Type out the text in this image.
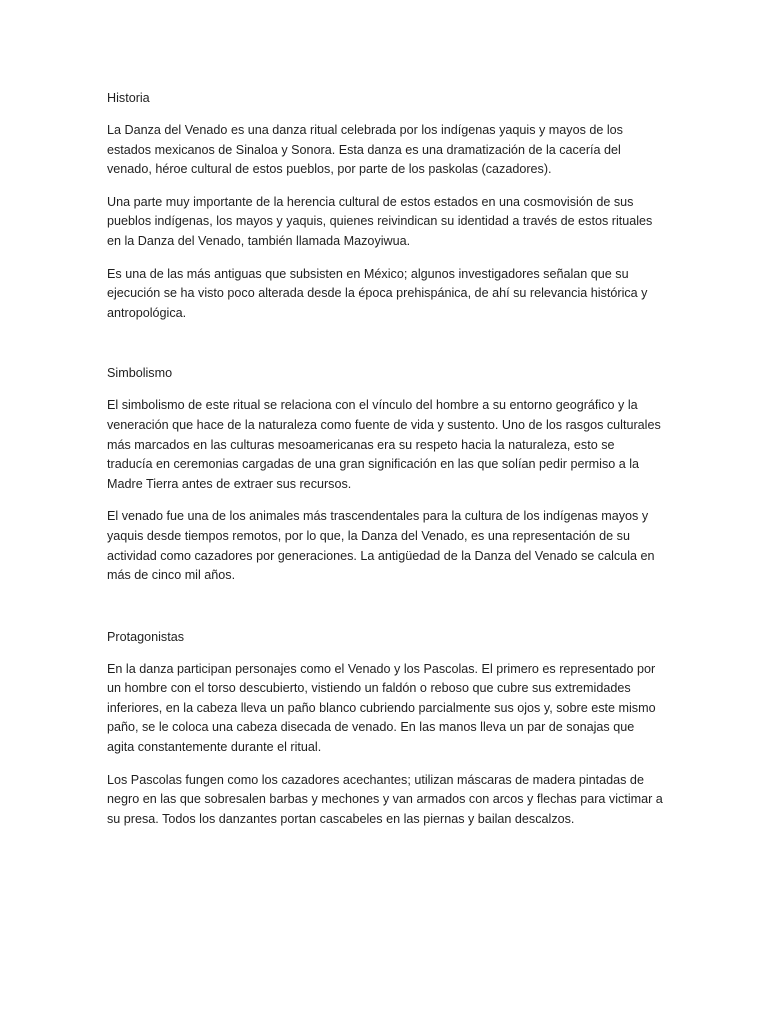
Historia

La Danza del Venado es una danza ritual celebrada por los indígenas yaquis y mayos de los estados mexicanos de Sinaloa y Sonora. Esta danza es una dramatización de la cacería del venado, héroe cultural de estos pueblos, por parte de los paskolas (cazadores).

Una parte muy importante de la herencia cultural de estos estados en una cosmovisión de sus pueblos indígenas, los mayos y yaquis, quienes reivindican su identidad a través de estos rituales en la Danza del Venado, también llamada Mazoyiwua.

Es una de las más antiguas que subsisten en México; algunos investigadores señalan que su ejecución se ha visto poco alterada desde la época prehispánica, de ahí su relevancia histórica y antropológica.

Simbolismo

El simbolismo de este ritual se relaciona con el vínculo del hombre a su entorno geográfico y la veneración que hace de la naturaleza como fuente de vida y sustento. Uno de los rasgos culturales más marcados en las culturas mesoamericanas era su respeto hacia la naturaleza, esto se traducía en ceremonias cargadas de una gran significación en las que solían pedir permiso a la Madre Tierra antes de extraer sus recursos.

El venado fue una de los animales más trascendentales para la cultura de los indígenas mayos y yaquis desde tiempos remotos, por lo que, la Danza del Venado, es una representación de su actividad como cazadores por generaciones. La antigüedad de la Danza del Venado se calcula en más de cinco mil años.

Protagonistas

En la danza participan personajes como el Venado y los Pascolas. El primero es representado por un hombre con el torso descubierto, vistiendo un faldón o reboso que cubre sus extremidades inferiores, en la cabeza lleva un paño blanco cubriendo parcialmente sus ojos y, sobre este mismo paño, se le coloca una cabeza disecada de venado. En las manos lleva un par de sonajas que agita constantemente durante el ritual.

Los Pascolas fungen como los cazadores acechantes; utilizan máscaras de madera pintadas de negro en las que sobresalen barbas y mechones y van armados con arcos y flechas para victimar a su presa. Todos los danzantes portan cascabeles en las piernas y bailan descalzos.
